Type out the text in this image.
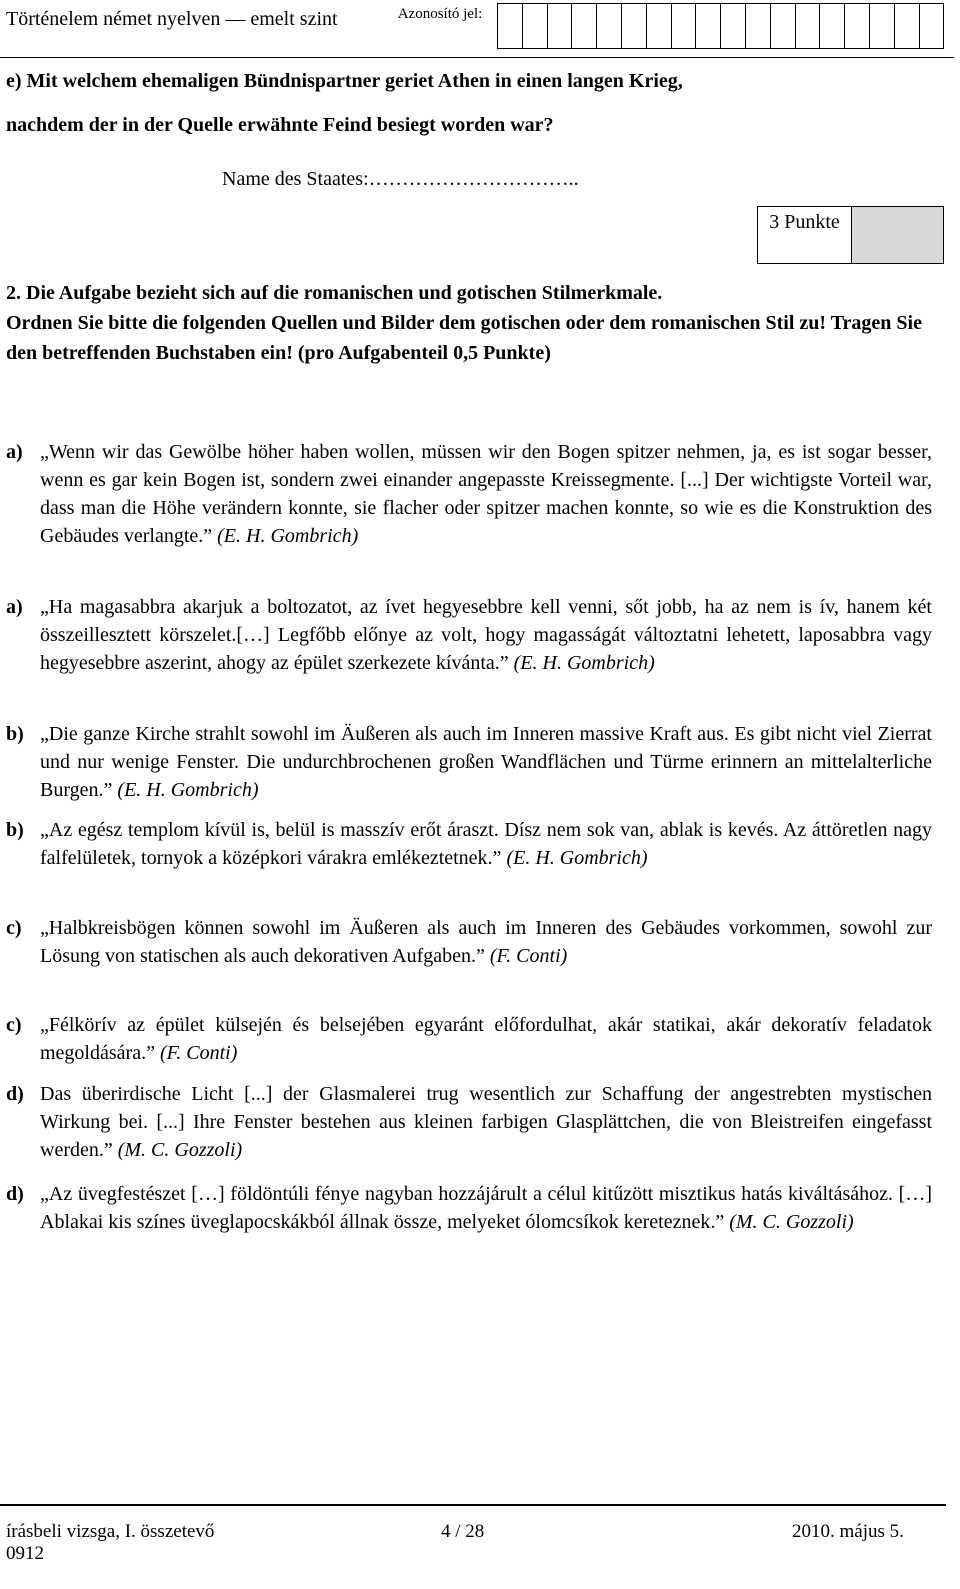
Történelem német nyelven — emelt szint	Azonosító jel:
e) Mit welchem ehemaligen Bündnispartner geriet Athen in einen langen Krieg,
nachdem der in der Quelle erwähnte Feind besiegt worden war?
Name des Staates:…………………………..
3 Punkte
2. Die Aufgabe bezieht sich auf die romanischen und gotischen Stilmerkmale.
Ordnen Sie bitte die folgenden Quellen und Bilder dem gotischen oder dem romanischen Stil zu! Tragen Sie den betreffenden Buchstaben ein! (pro Aufgabenteil 0,5 Punkte)
a) „Wenn wir das Gewölbe höher haben wollen, müssen wir den Bogen spitzer nehmen, ja, es ist sogar besser, wenn es gar kein Bogen ist, sondern zwei einander angepasste Kreissegmente. [...] Der wichtigste Vorteil war, dass man die Höhe verändern konnte, sie flacher oder spitzer machen konnte, so wie es die Konstruktion des Gebäudes verlangte.” (E. H. Gombrich)
a) „Ha magasabbra akarjuk a boltozatot, az ívet hegyesebbre kell venni, sőt jobb, ha az nem is ív, hanem két összeillesztett körszelet.[…] Legfőbb előnye az volt, hogy magasságát változtatni lehetett, laposabbra vagy hegyesebbre aszerint, ahogy az épület szerkezete kívánta.” (E. H. Gombrich)
b) „Die ganze Kirche strahlt sowohl im Äußeren als auch im Inneren massive Kraft aus. Es gibt nicht viel Zierrat und nur wenige Fenster. Die undurchbrochenen großen Wandflächen und Türme erinnern an mittelalterliche Burgen.” (E. H. Gombrich)
b) „Az egész templom kívül is, belül is masszív erőt áraszt. Dísz nem sok van, ablak is kevés. Az áttöretlen nagy falfelületek, tornyok a középkori várakra emlékeztetnek.” (E. H. Gombrich)
c) „Halbkreisbögen können sowohl im Äußeren als auch im Inneren des Gebäudes vorkommen, sowohl zur Lösung von statischen als auch dekorativen Aufgaben.” (F. Conti)
c) „Félkörív az épület külsején és belsejében egyaránt előfordulhat, akár statikai, akár dekoratív feladatok megoldására.” (F. Conti)
d) Das überirdische Licht [...] der Glasmalerei trug wesentlich zur Schaffung der angestrebten mystischen Wirkung bei. [...] Ihre Fenster bestehen aus kleinen farbigen Glasplättchen, die von Bleistreifen eingefasst werden.” (M. C. Gozzoli)
d) „Az üvegfestészet […] földöntúli fénye nagyban hozzájárult a célul kitűzött misztikus hatás kiváltásához. […] Ablakai kis színes üveglapocskákból állnak össze, melyeket ólomcsíkok kereteznek.” (M. C. Gozzoli)
írásbeli vizsga, I. összetevő
0912
4 / 28	2010. május 5.
